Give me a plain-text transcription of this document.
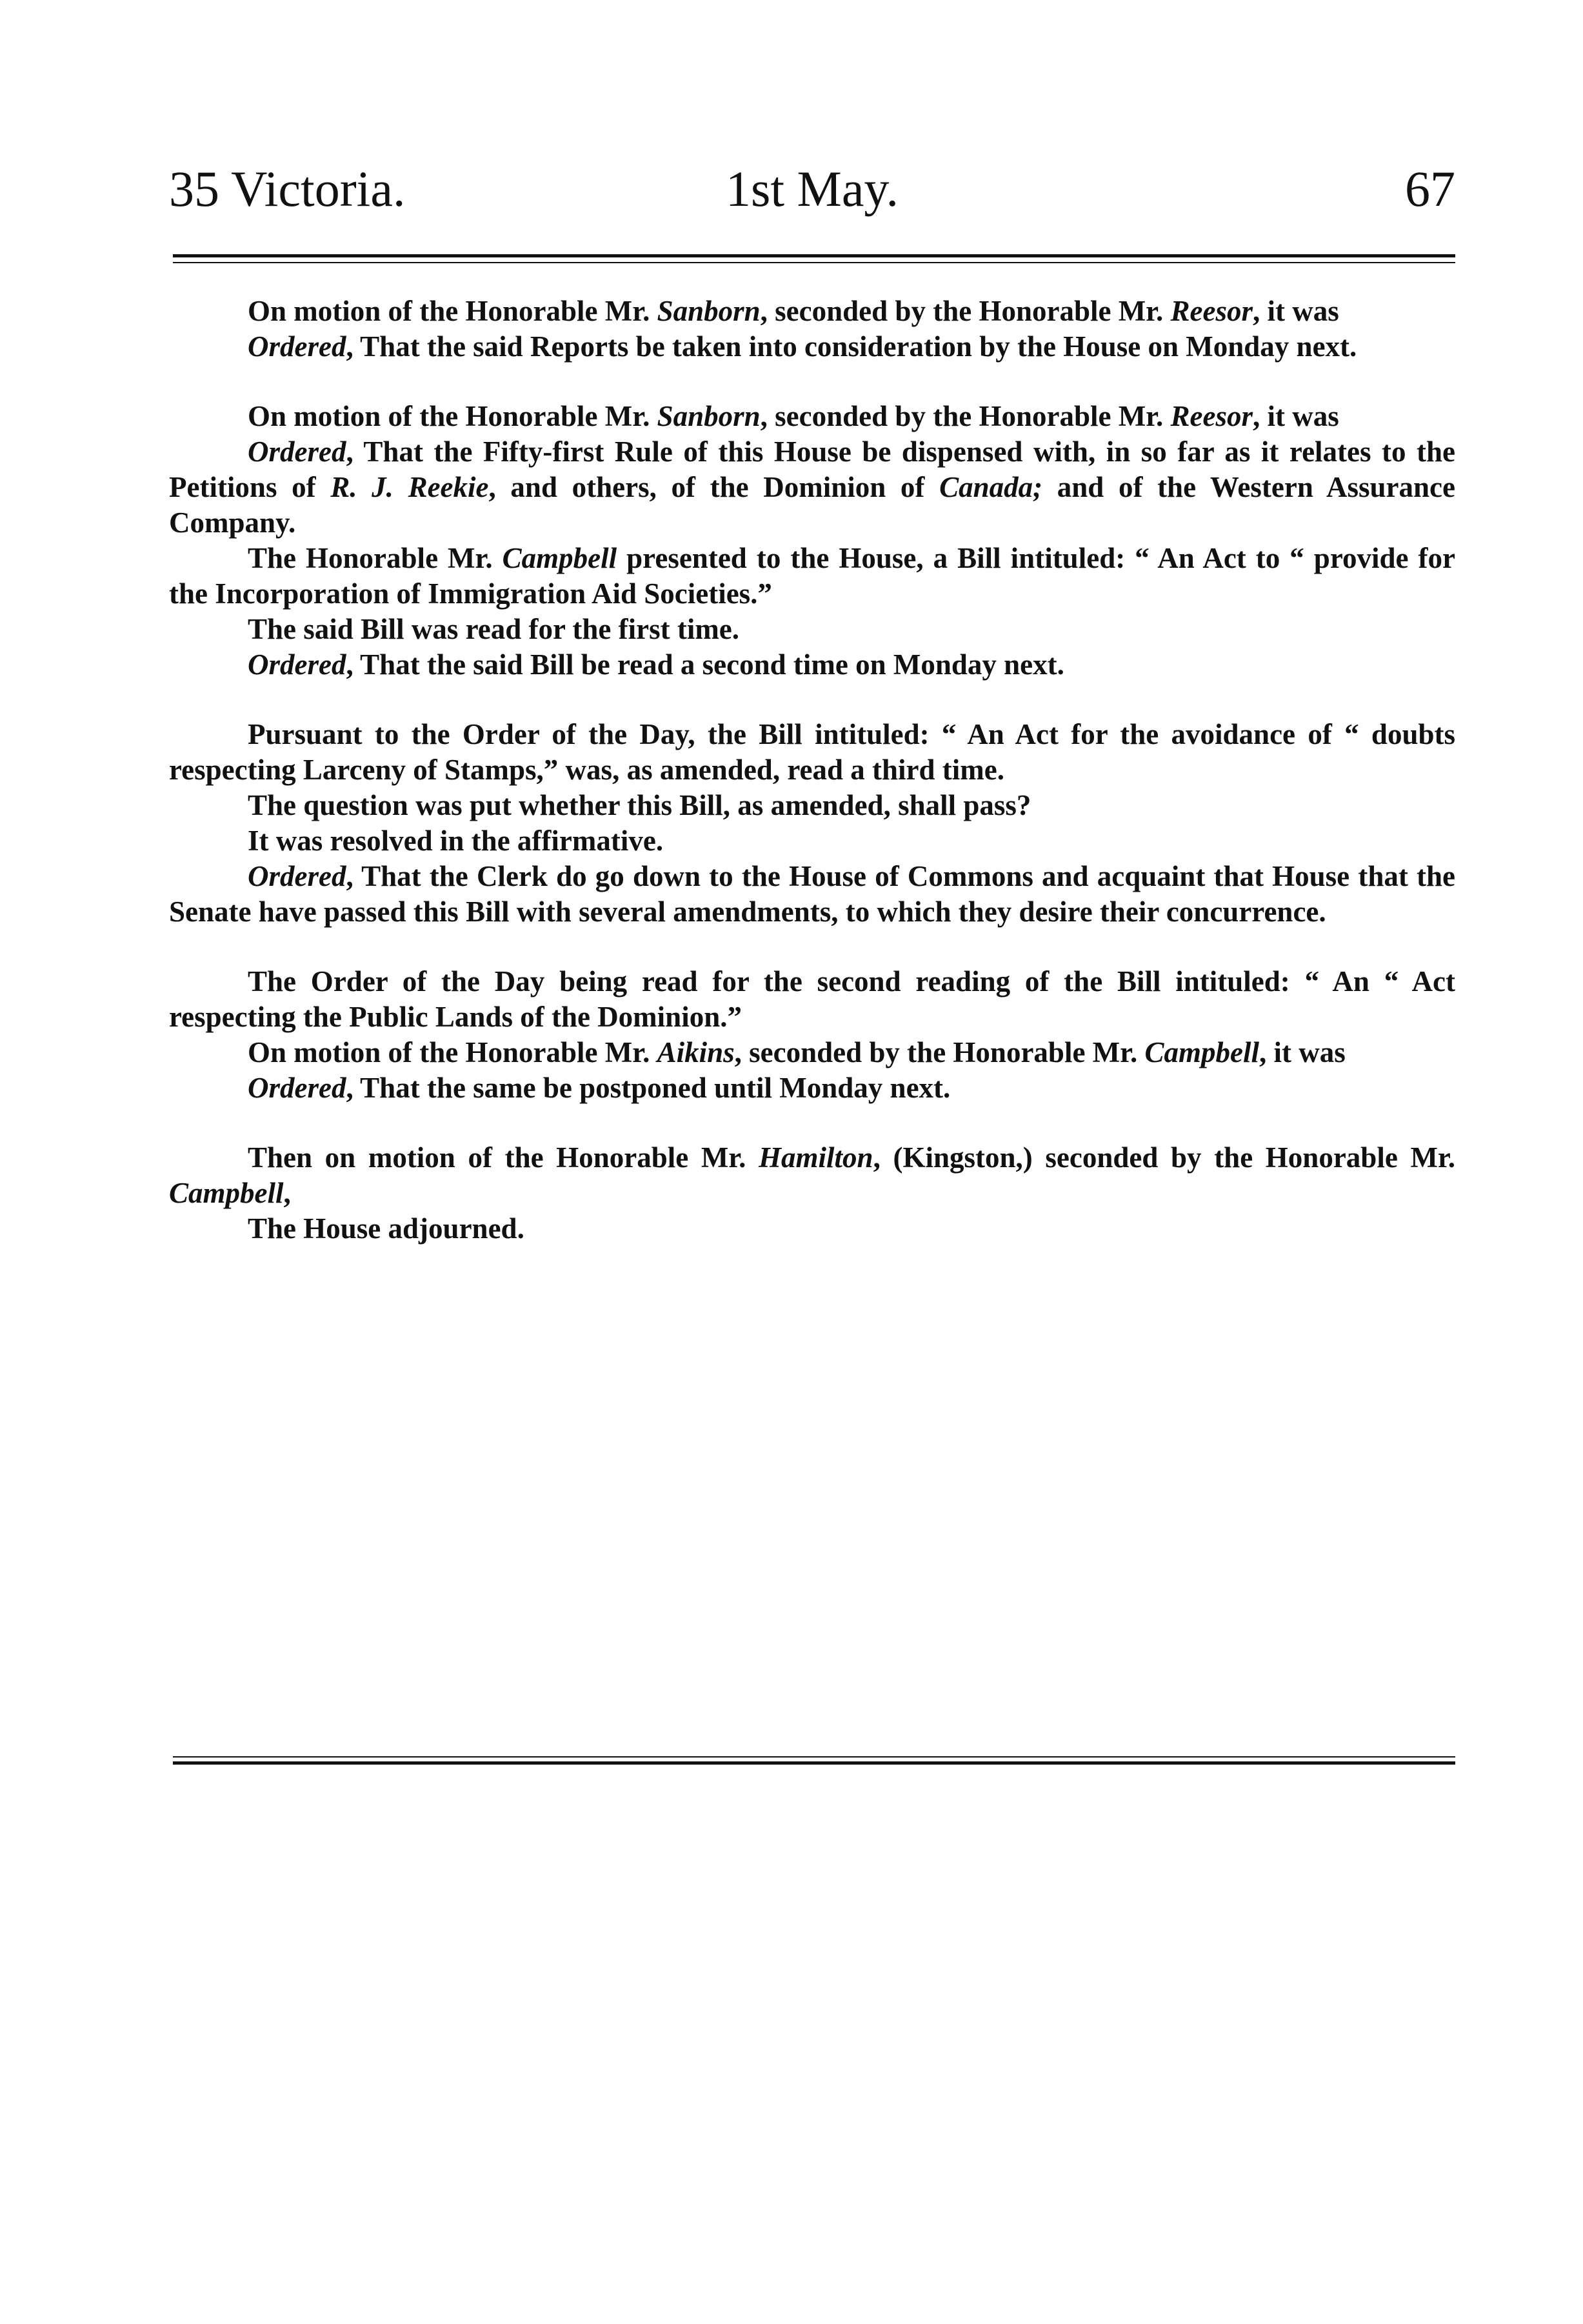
35 Victoria.	1st May.	67

On motion of the Honorable Mr. Sanborn, seconded by the Honorable Mr. Reesor, it was

Ordered, That the said Reports be taken into consideration by the House on Monday next.

On motion of the Honorable Mr. Sanborn, seconded by the Honorable Mr. Reesor, it was

Ordered, That the Fifty-first Rule of this House be dispensed with, in so far as it relates to the Petitions of R. J. Reekie, and others, of the Dominion of Canada; and of the Western Assurance Company.

The Honorable Mr. Campbell presented to the House, a Bill intituled: “ An Act to “ provide for the Incorporation of Immigration Aid Societies.”

The said Bill was read for the first time.

Ordered, That the said Bill be read a second time on Monday next.

Pursuant to the Order of the Day, the Bill intituled: “ An Act for the avoidance of “ doubts respecting Larceny of Stamps,” was, as amended, read a third time.

The question was put whether this Bill, as amended, shall pass?

It was resolved in the affirmative.

Ordered, That the Clerk do go down to the House of Commons and acquaint that House that the Senate have passed this Bill with several amendments, to which they desire their concurrence.

The Order of the Day being read for the second reading of the Bill intituled: “ An “ Act respecting the Public Lands of the Dominion.”

On motion of the Honorable Mr. Aikins, seconded by the Honorable Mr. Campbell, it was

Ordered, That the same be postponed until Monday next.

Then on motion of the Honorable Mr. Hamilton, (Kingston,) seconded by the Honorable Mr. Campbell,

The House adjourned.
